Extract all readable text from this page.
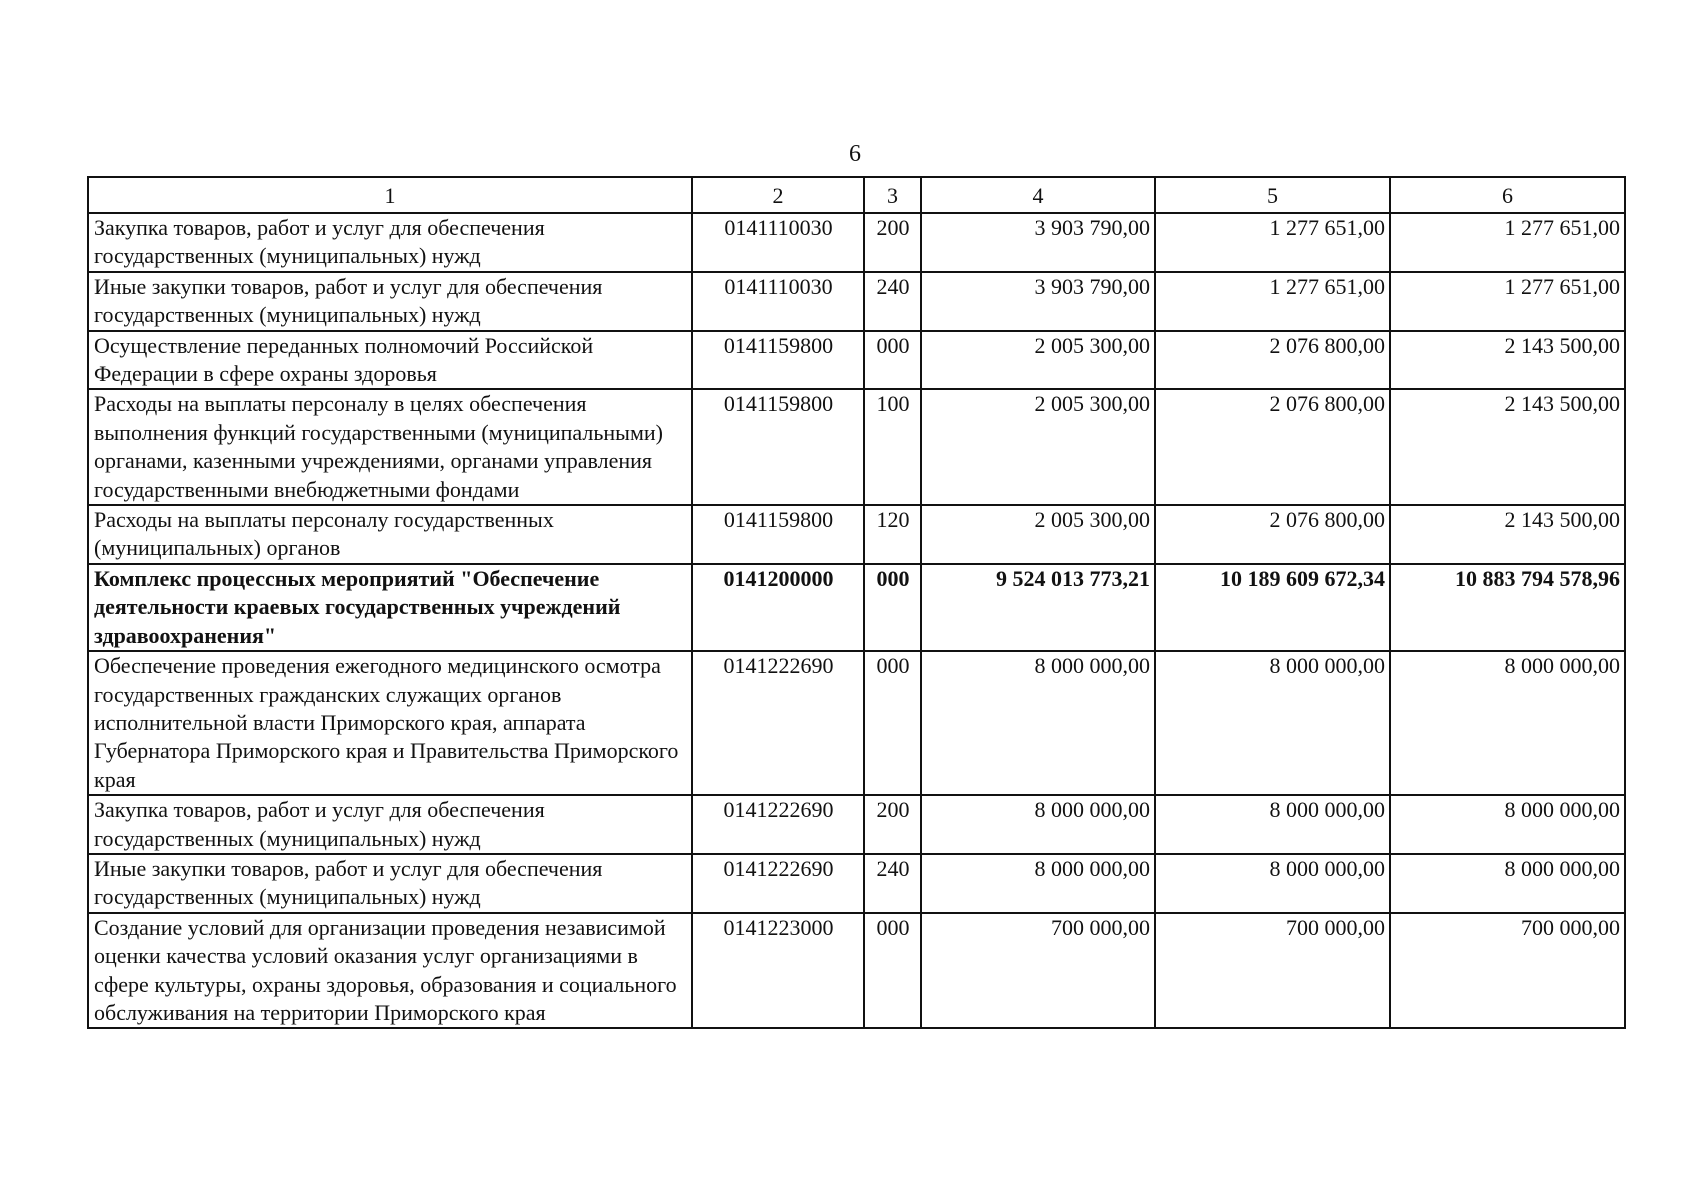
6
1	2	3	4	5	6
Закупка товаров, работ и услуг для обеспечения государственных (муниципальных) нужд	0141110030	200	3 903 790,00	1 277 651,00	1 277 651,00
Иные закупки товаров, работ и услуг для обеспечения государственных (муниципальных) нужд	0141110030	240	3 903 790,00	1 277 651,00	1 277 651,00
Осуществление переданных полномочий Российской Федерации в сфере охраны здоровья	0141159800	000	2 005 300,00	2 076 800,00	2 143 500,00
Расходы на выплаты персоналу в целях обеспечения выполнения функций государственными (муниципальными) органами, казенными учреждениями, органами управления государственными внебюджетными фондами	0141159800	100	2 005 300,00	2 076 800,00	2 143 500,00
Расходы на выплаты персоналу государственных (муниципальных) органов	0141159800	120	2 005 300,00	2 076 800,00	2 143 500,00
Комплекс процессных мероприятий "Обеспечение деятельности краевых государственных учреждений здравоохранения"	0141200000	000	9 524 013 773,21	10 189 609 672,34	10 883 794 578,96
Обеспечение проведения ежегодного медицинского осмотра государственных гражданских служащих органов исполнительной власти Приморского края, аппарата Губернатора Приморского края и Правительства Приморского края	0141222690	000	8 000 000,00	8 000 000,00	8 000 000,00
Закупка товаров, работ и услуг для обеспечения государственных (муниципальных) нужд	0141222690	200	8 000 000,00	8 000 000,00	8 000 000,00
Иные закупки товаров, работ и услуг для обеспечения государственных (муниципальных) нужд	0141222690	240	8 000 000,00	8 000 000,00	8 000 000,00
Создание условий для организации проведения независимой оценки качества условий оказания услуг организациями в сфере культуры, охраны здоровья, образования и социального обслуживания на территории Приморского края	0141223000	000	700 000,00	700 000,00	700 000,00
